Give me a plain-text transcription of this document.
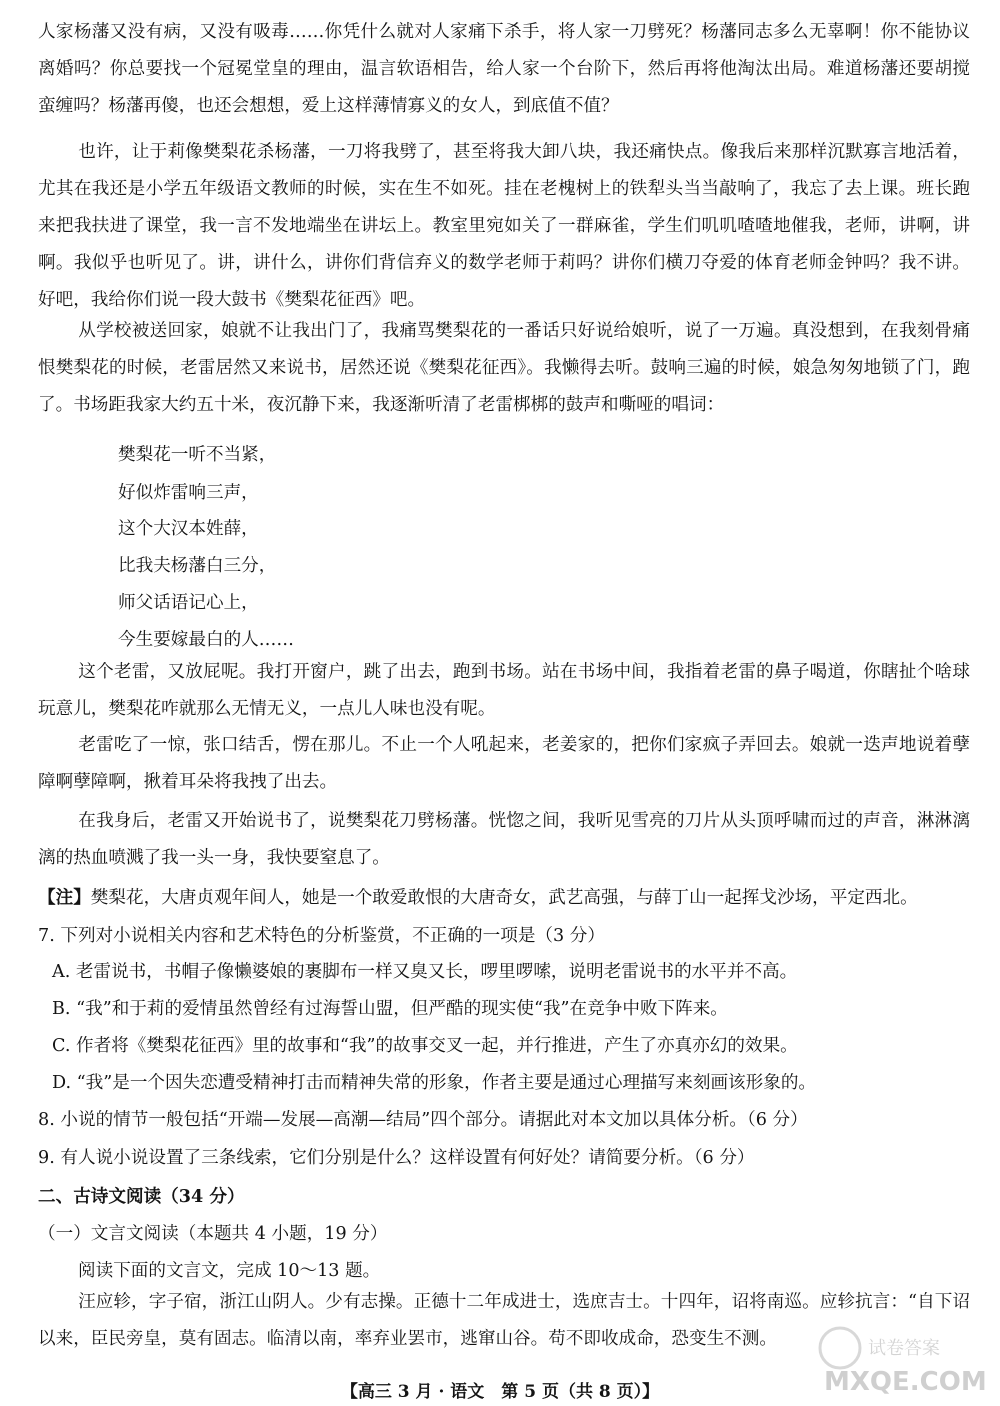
人家杨藩又没有病，又没有吸毒……你凭什么就对人家痛下杀手，将人家一刀劈死？杨藩同志多么无辜啊！你不能协议离婚吗？你总要找一个冠冕堂皇的理由，温言软语相告，给人家一个台阶下，然后再将他淘汰出局。难道杨藩还要胡搅蛮缠吗？杨藩再傻，也还会想想，爱上这样薄情寡义的女人，到底值不值？

也许，让于莉像樊梨花杀杨藩，一刀将我劈了，甚至将我大卸八块，我还痛快点。像我后来那样沉默寡言地活着，尤其在我还是小学五年级语文教师的时候，实在生不如死。挂在老槐树上的铁犁头当当敲响了，我忘了去上课。班长跑来把我扶进了课堂，我一言不发地端坐在讲坛上。教室里宛如关了一群麻雀，学生们叽叽喳喳地催我，老师，讲啊，讲啊。我似乎也听见了。讲，讲什么，讲你们背信弃义的数学老师于莉吗？讲你们横刀夺爱的体育老师金钟吗？我不讲。好吧，我给你们说一段大鼓书《樊梨花征西》吧。

从学校被送回家，娘就不让我出门了，我痛骂樊梨花的一番话只好说给娘听，说了一万遍。真没想到，在我刻骨痛恨樊梨花的时候，老雷居然又来说书，居然还说《樊梨花征西》。我懒得去听。鼓响三遍的时候，娘急匆匆地锁了门，跑了。书场距我家大约五十米，夜沉静下来，我逐渐听清了老雷梆梆的鼓声和嘶哑的唱词：

樊梨花一听不当紧，

好似炸雷响三声，

这个大汉本姓薛，

比我夫杨藩白三分，

师父话语记心上，

今生要嫁最白的人……

这个老雷，又放屁呢。我打开窗户，跳了出去，跑到书场。站在书场中间，我指着老雷的鼻子喝道，你瞎扯个啥球玩意儿，樊梨花咋就那么无情无义，一点儿人味也没有呢。

老雷吃了一惊，张口结舌，愣在那儿。不止一个人吼起来，老姜家的，把你们家疯子弄回去。娘就一迭声地说着孽障啊孽障啊，揪着耳朵将我拽了出去。

在我身后，老雷又开始说书了，说樊梨花刀劈杨藩。恍惚之间，我听见雪亮的刀片从头顶呼啸而过的声音，淋淋漓漓的热血喷溅了我一头一身，我快要窒息了。

【注】樊梨花，大唐贞观年间人，她是一个敢爱敢恨的大唐奇女，武艺高强，与薛丁山一起挥戈沙场，平定西北。

7. 下列对小说相关内容和艺术特色的分析鉴赏，不正确的一项是（3 分）

A. 老雷说书，书帽子像懒婆娘的裹脚布一样又臭又长，啰里啰嗦，说明老雷说书的水平并不高。

B. “我”和于莉的爱情虽然曾经有过海誓山盟，但严酷的现实使“我”在竞争中败下阵来。

C. 作者将《樊梨花征西》里的故事和“我”的故事交叉一起，并行推进，产生了亦真亦幻的效果。

D. “我”是一个因失恋遭受精神打击而精神失常的形象，作者主要是通过心理描写来刻画该形象的。

8. 小说的情节一般包括“开端—发展—高潮—结局”四个部分。请据此对本文加以具体分析。（6 分）

9. 有人说小说设置了三条线索，它们分别是什么？这样设置有何好处？请简要分析。（6 分）

二、古诗文阅读（34 分）

（一）文言文阅读（本题共 4 小题，19 分）

阅读下面的文言文，完成 10～13 题。

汪应轸，字子宿，浙江山阴人。少有志操。正德十二年成进士，选庶吉士。十四年，诏将南巡。应轸抗言：“自下诏以来，臣民旁皇，莫有固志。临清以南，率弃业罢市，逃窜山谷。苟不即收成命，恐变生不测。

【高三 3 月 · 语文　第 5 页（共 8 页）】
试卷答案
MXQE.COM
